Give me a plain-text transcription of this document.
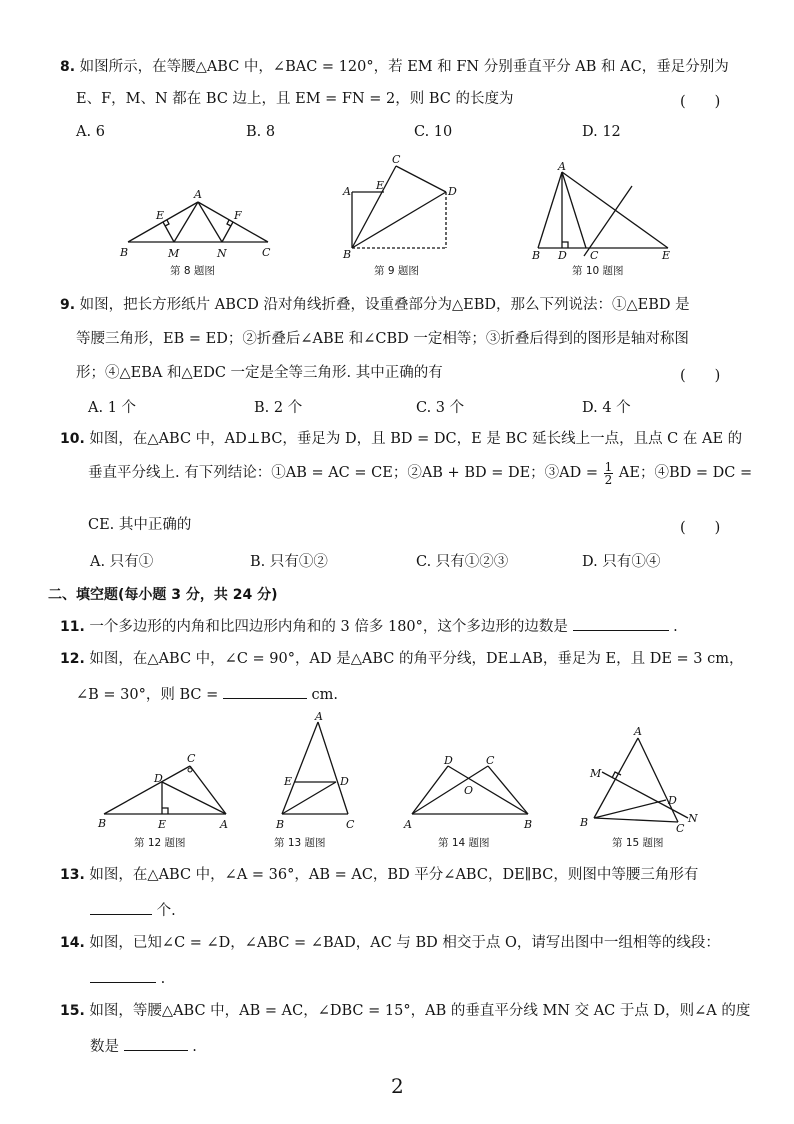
8. 如图所示，在等腰△ABC 中，∠BAC = 120°，若 EM 和 FN 分别垂直平分 AB 和 AC，垂足分别为
E、F，M、N 都在 BC 边上，且 EM = FN = 2，则 BC 的长度为	(　　)
A. 6	B. 8	C. 10	D. 12
B
A
C
E	F
M	N
第 8 题图
C
A E	D
B
第 9 题图
A
B D C	E
第 10 题图
9. 如图，把长方形纸片 ABCD 沿对角线折叠，设重叠部分为△EBD，那么下列说法：①△EBD 是
等腰三角形，EB = ED；②折叠后∠ABE 和∠CBD 一定相等；③折叠后得到的图形是轴对称图
形；④△EBA 和△EDC 一定是全等三角形. 其中正确的有	(　　)
A. 1 个	B. 2 个	C. 3 个	D. 4 个
10. 如图，在△ABC 中，AD⊥BC，垂足为 D，且 BD = DC，E 是 BC 延长线上一点，且点 C 在 AE 的
垂直平分线上. 有下列结论：①AB = AC = CE；②AB + BD = DE；③AD = $\frac{1}{2}$ AE；④BD = DC =
CE. 其中正确的	(　　)
A. 只有①	B. 只有①②	C. 只有①②③	D. 只有①④
二、填空题(每小题 3 分，共 24 分)
11. 一个多边形的内角和比四边形内角和的 3 倍多 180°，这个多边形的边数是	.
12. 如图，在△ABC 中，∠C = 90°，AD 是△ABC 的角平分线，DE⊥AB，垂足为 E，且 DE = 3 cm，
∠B = 30°，则 BC =	cm.
B
C
D
E	A
第 12 题图
A
E	D
B	C
第 13 题图
D	C
O
A	B
第 14 题图
A
M
D
N
B	C
第 15 题图
13. 如图，在△ABC 中，∠A = 36°，AB = AC，BD 平分∠ABC，DE∥BC，则图中等腰三角形有
个.
14. 如图，已知∠C = ∠D，∠ABC = ∠BAD，AC 与 BD 相交于点 O，请写出图中一组相等的线段：
.
15. 如图，等腰△ABC 中，AB = AC，∠DBC = 15°，AB 的垂直平分线 MN 交 AC 于点 D，则∠A 的度
数是	.
2
